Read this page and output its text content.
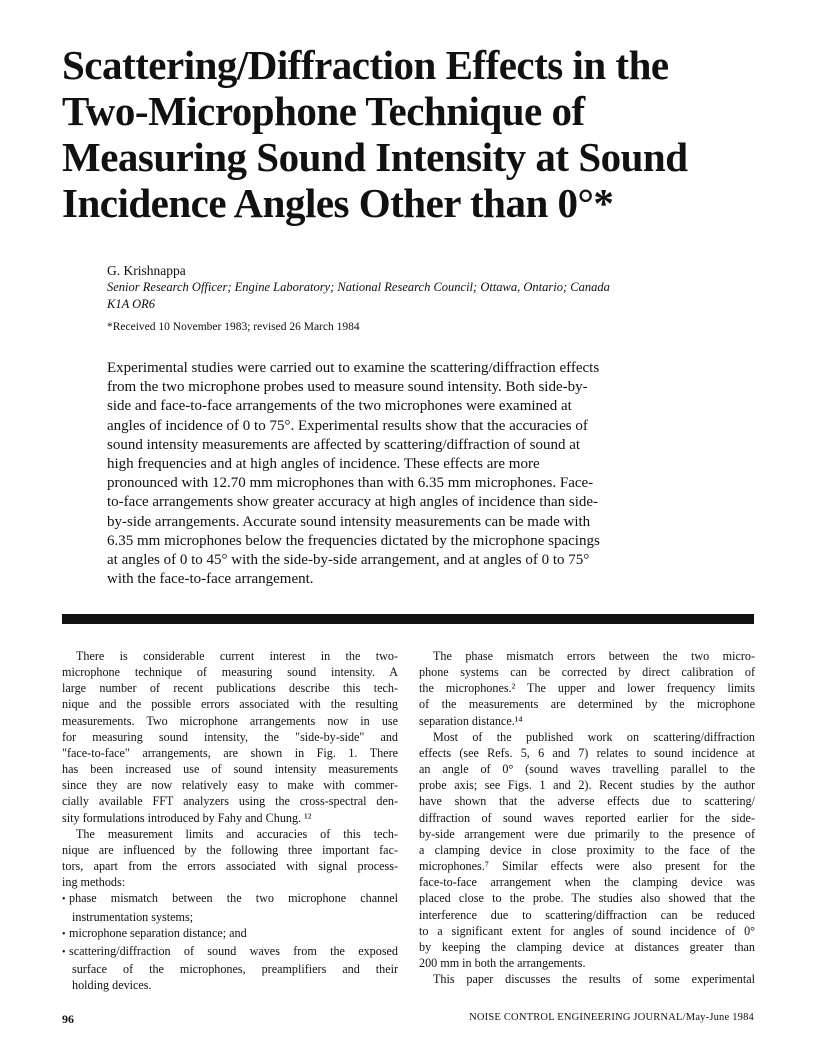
Scattering/Diffraction Effects in the
Two-Microphone Technique of
Measuring Sound Intensity at Sound
Incidence Angles Other than 0°*
G. Krishnappa
Senior Research Officer; Engine Laboratory; National Research Council; Ottawa, Ontario; Canada
K1A OR6
*Received 10 November 1983; revised 26 March 1984
Experimental studies were carried out to examine the scattering/diffraction effects
from the two microphone probes used to measure sound intensity. Both side-by-
side and face-to-face arrangements of the two microphones were examined at
angles of incidence of 0 to 75°. Experimental results show that the accuracies of
sound intensity measurements are affected by scattering/diffraction of sound at
high frequencies and at high angles of incidence. These effects are more
pronounced with 12.70 mm microphones than with 6.35 mm microphones. Face-
to-face arrangements show greater accuracy at high angles of incidence than side-
by-side arrangements. Accurate sound intensity measurements can be made with
6.35 mm microphones below the frequencies dictated by the microphone spacings
at angles of 0 to 45° with the side-by-side arrangement, and at angles of 0 to 75°
with the face-to-face arrangement.
There is considerable current interest in the two-
microphone technique of measuring sound intensity. A
large number of recent publications describe this tech-
nique and the possible errors associated with the resulting
measurements. Two microphone arrangements now in use
for measuring sound intensity, the "side-by-side" and
"face-to-face" arrangements, are shown in Fig. 1. There
has been increased use of sound intensity measurements
since they are now relatively easy to make with commer-
cially available FFT analyzers using the cross-spectral den-
sity formulations introduced by Fahy and Chung. ¹²
The measurement limits and accuracies of this tech-
nique are influenced by the following three important fac-
tors, apart from the errors associated with signal process-
ing methods:
• phase mismatch between the two microphone channel
instrumentation systems;
• microphone separation distance; and
• scattering/diffraction of sound waves from the exposed
surface of the microphones, preamplifiers and their
holding devices.
The phase mismatch errors between the two micro-
phone systems can be corrected by direct calibration of
the microphones.² The upper and lower frequency limits
of the measurements are determined by the microphone
separation distance.¹⁴
Most of the published work on scattering/diffraction
effects (see Refs. 5, 6 and 7) relates to sound incidence at
an angle of 0° (sound waves travelling parallel to the
probe axis; see Figs. 1 and 2). Recent studies by the author
have shown that the adverse effects due to scattering/
diffraction of sound waves reported earlier for the side-
by-side arrangement were due primarily to the presence of
a clamping device in close proximity to the face of the
microphones.⁷ Similar effects were also present for the
face-to-face arrangement when the clamping device was
placed close to the probe. The studies also showed that the
interference due to scattering/diffraction can be reduced
to a significant extent for angles of sound incidence of 0°
by keeping the clamping device at distances greater than
200 mm in both the arrangements.
This paper discusses the results of some experimental
96	NOISE CONTROL ENGINEERING JOURNAL/May-June 1984
